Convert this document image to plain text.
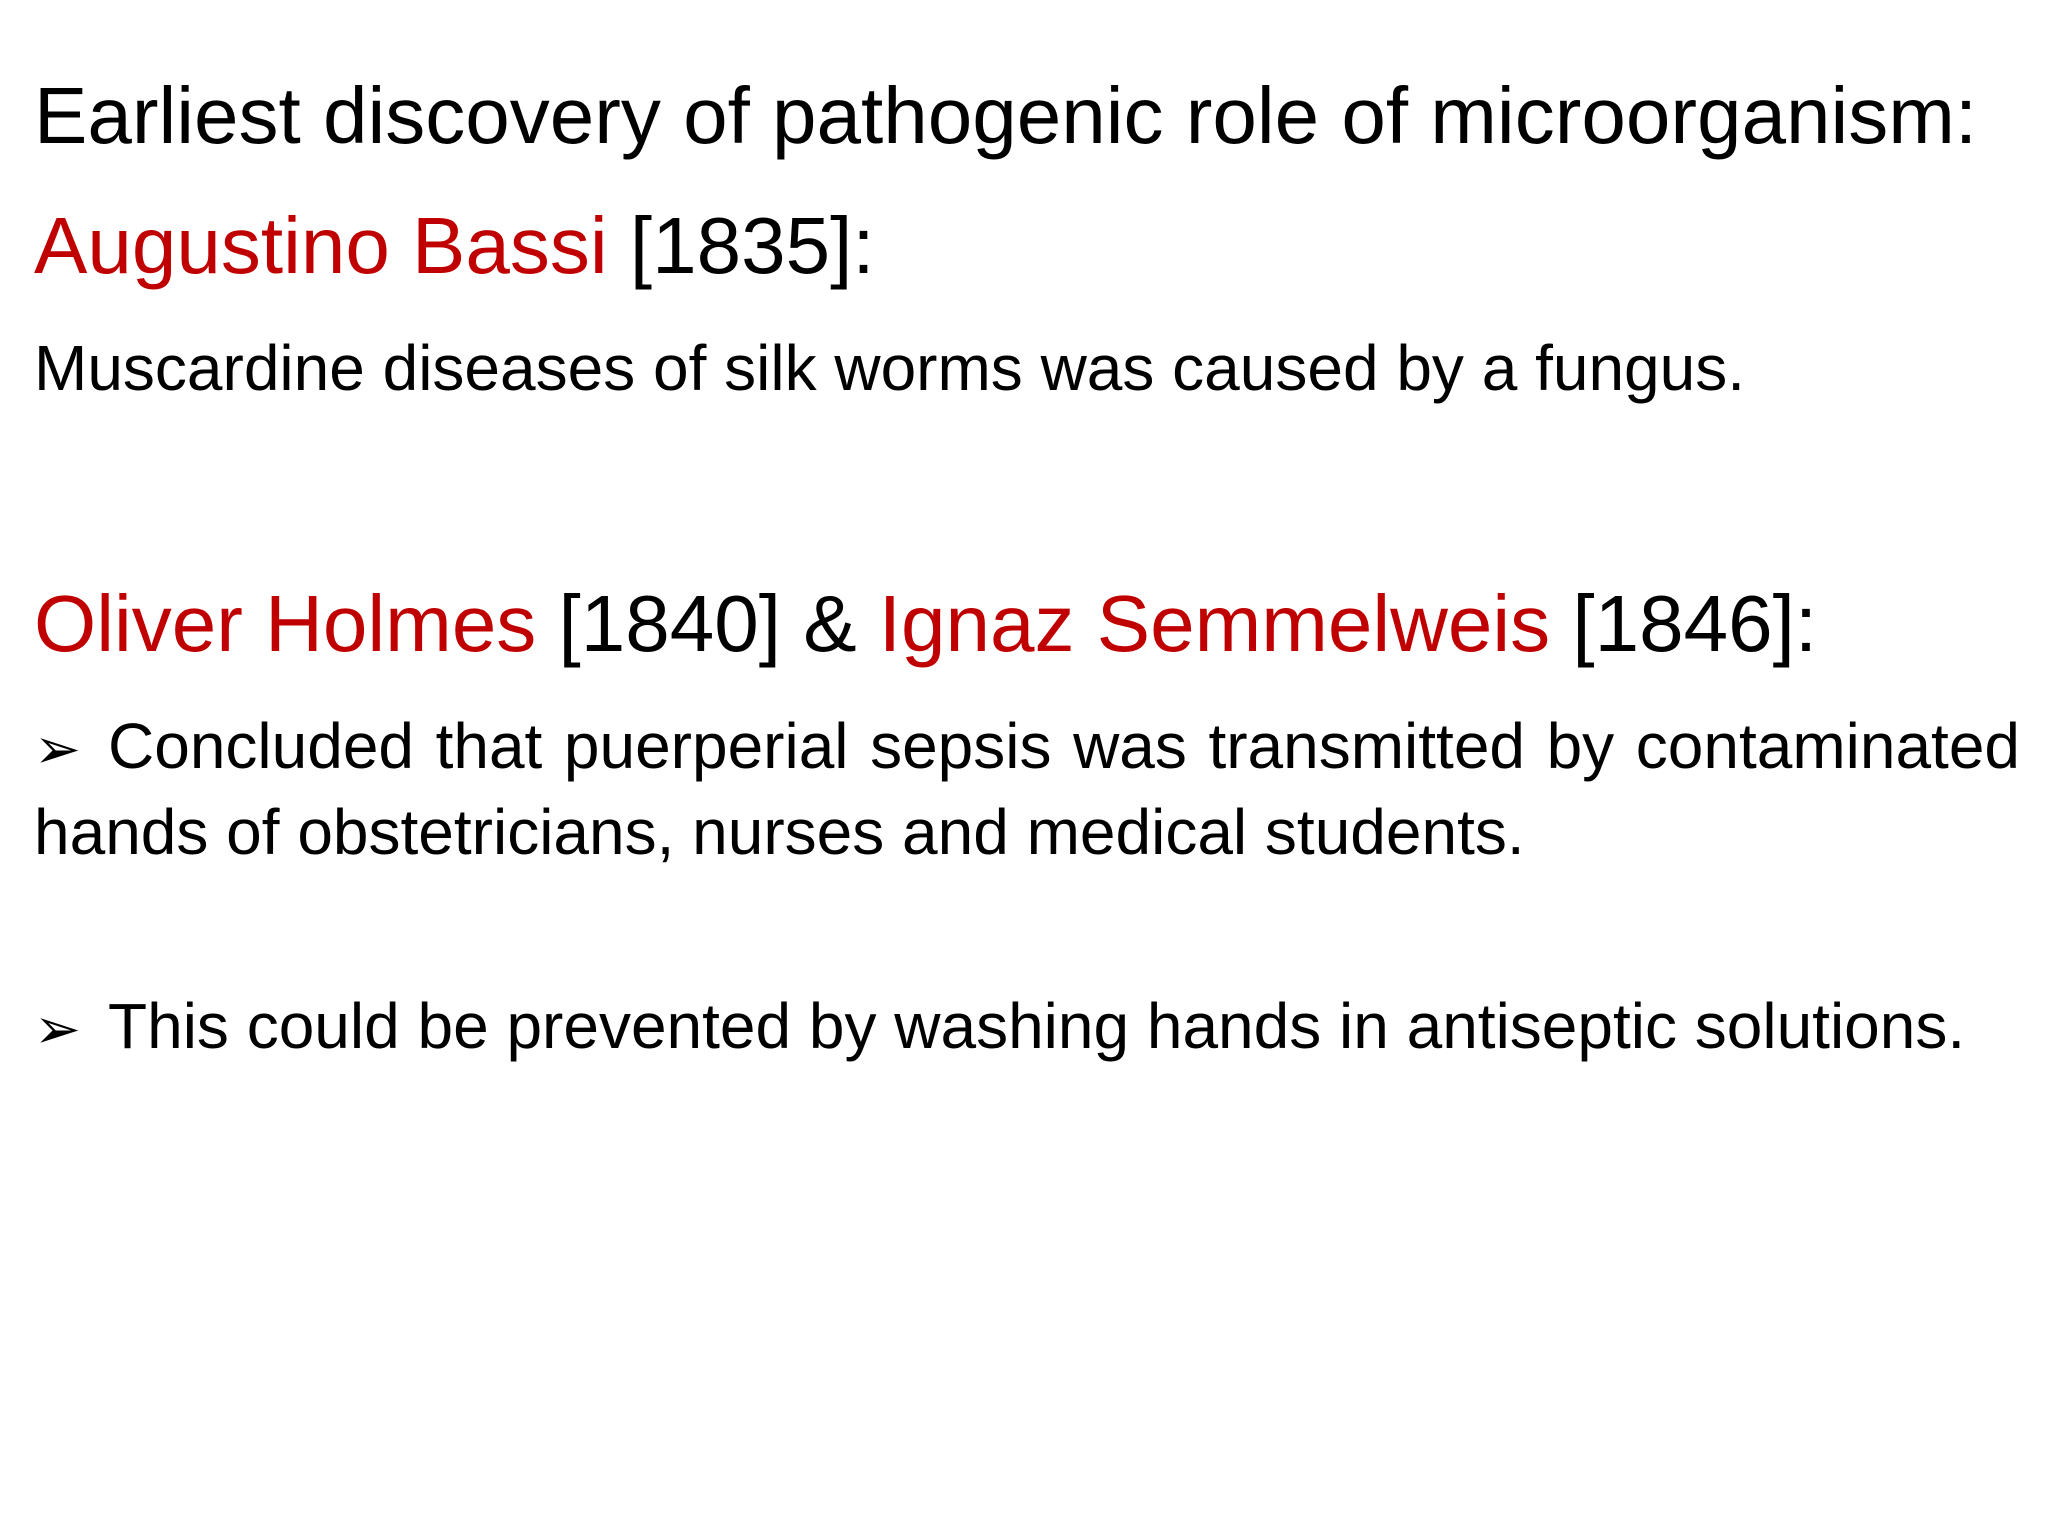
Earliest discovery of pathogenic role of microorganism:

Augustino Bassi [1835]:

Muscardine diseases of silk worms was caused by a fungus.

Oliver Holmes [1840] & Ignaz Semmelweis [1846]:

➢ Concluded that puerperial sepsis was transmitted by contaminated hands of obstetricians, nurses and medical students.

➢ This could be prevented by washing hands in antiseptic solutions.
